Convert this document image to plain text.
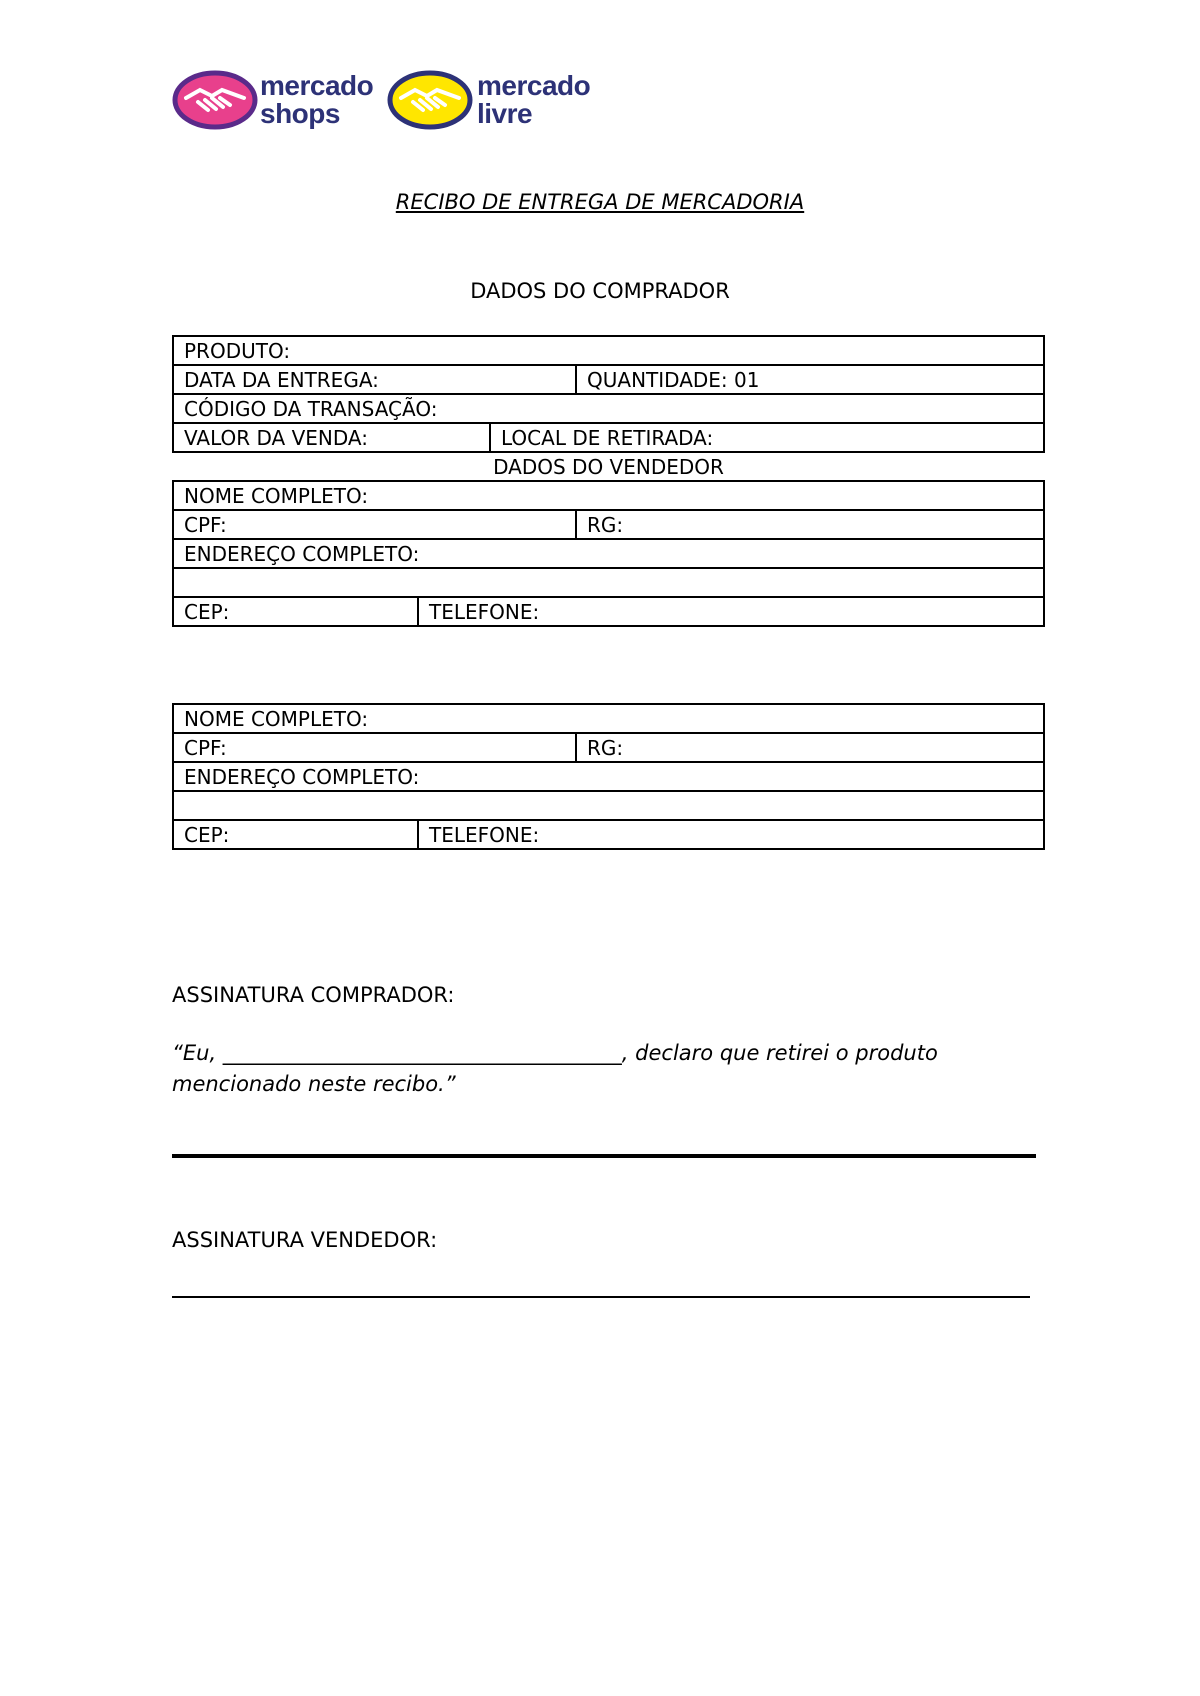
mercado
shops
mercado
livre
RECIBO DE ENTREGA DE MERCADORIA
DADOS DO COMPRADOR
PRODUTO:			
DATA DA ENTREGA:			QUANTIDADE: 01
CÓDIGO DA TRANSAÇÃO:			
VALOR DA VENDA:		LOCAL DE RETIRADA:	
DADOS DO VENDEDOR			
NOME COMPLETO:			
CPF:			RG:
ENDEREÇO COMPLETO:			

CEP:	TELEFONE:		
NOME COMPLETO:		
CPF:		RG:
ENDEREÇO COMPLETO:		

CEP:	TELEFONE:	
ASSINATURA COMPRADOR:
“Eu, ______________________________________, declaro que retirei o produto
mencionado neste recibo.”
ASSINATURA VENDEDOR:
